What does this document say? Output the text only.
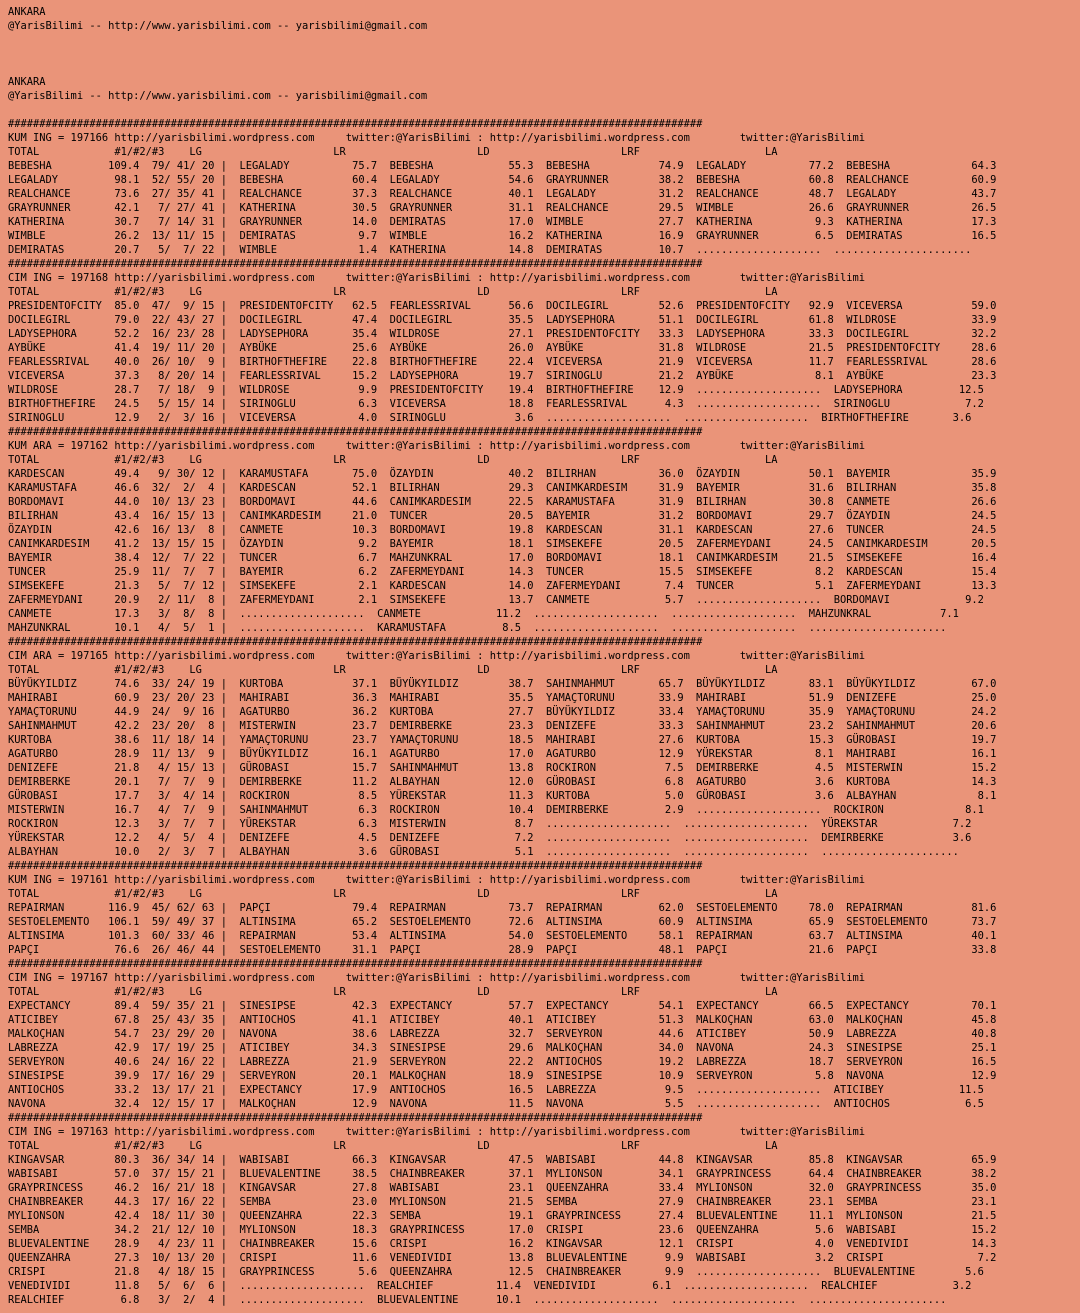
ANKARA
@YarisBilimi -- http://www.yarisbilimi.com -- yarisbilimi@gmail.com
ANKARA
@YarisBilimi -- http://www.yarisbilimi.com -- yarisbilimi@gmail.com
###############################################################################################################
KUM ING = 197166 http://yarisbilimi.wordpress.com     twitter:@YarisBilimi : http://yarisbilimi.wordpress.com        twitter:@YarisBilimi
TOTAL            #1/#2/#3    LG                     LR                     LD                     LRF                    LA
BEBESHA         109.4  79/ 41/ 20 |  LEGALADY          75.7  BEBESHA            55.3  BEBESHA           74.9  LEGALADY          77.2  BEBESHA             64.3
LEGALADY         98.1  52/ 55/ 20 |  BEBESHA           60.4  LEGALADY           54.6  GRAYRUNNER        38.2  BEBESHA           60.8  REALCHANCE          60.9
REALCHANCE       73.6  27/ 35/ 41 |  REALCHANCE        37.3  REALCHANCE         40.1  LEGALADY          31.2  REALCHANCE        48.7  LEGALADY            43.7
GRAYRUNNER       42.1   7/ 27/ 41 |  KATHERINA         30.5  GRAYRUNNER         31.1  REALCHANCE        29.5  WIMBLE            26.6  GRAYRUNNER          26.5
KATHERINA        30.7   7/ 14/ 31 |  GRAYRUNNER        14.0  DEMIRATAS          17.0  WIMBLE            27.7  KATHERINA          9.3  KATHERINA           17.3
WIMBLE           26.2  13/ 11/ 15 |  DEMIRATAS          9.7  WIMBLE             16.2  KATHERINA         16.9  GRAYRUNNER         6.5  DEMIRATAS           16.5
DEMIRATAS        20.7   5/  7/ 22 |  WIMBLE             1.4  KATHERINA          14.8  DEMIRATAS         10.7  ....................  ......................
###############################################################################################################
CIM ING = 197168 http://yarisbilimi.wordpress.com     twitter:@YarisBilimi : http://yarisbilimi.wordpress.com        twitter:@YarisBilimi
TOTAL            #1/#2/#3    LG                     LR                     LD                     LRF                    LA
PRESIDENTOFCITY  85.0  47/  9/ 15 |  PRESIDENTOFCITY   62.5  FEARLESSRIVAL      56.6  DOCILEGIRL        52.6  PRESIDENTOFCITY   92.9  VICEVERSA           59.0
DOCILEGIRL       79.0  22/ 43/ 27 |  DOCILEGIRL        47.4  DOCILEGIRL         35.5  LADYSEPHORA       51.1  DOCILEGIRL        61.8  WILDROSE            33.9
LADYSEPHORA      52.2  16/ 23/ 28 |  LADYSEPHORA       35.4  WILDROSE           27.1  PRESIDENTOFCITY   33.3  LADYSEPHORA       33.3  DOCILEGIRL          32.2
AYBÜKE           41.4  19/ 11/ 20 |  AYBÜKE            25.6  AYBÜKE             26.0  AYBÜKE            31.8  WILDROSE          21.5  PRESIDENTOFCITY     28.6
FEARLESSRIVAL    40.0  26/ 10/  9 |  BIRTHOFTHEFIRE    22.8  BIRTHOFTHEFIRE     22.4  VICEVERSA         21.9  VICEVERSA         11.7  FEARLESSRIVAL       28.6
VICEVERSA        37.3   8/ 20/ 14 |  FEARLESSRIVAL     15.2  LADYSEPHORA        19.7  SIRINOGLU         21.2  AYBÜKE             8.1  AYBÜKE              23.3
WILDROSE         28.7   7/ 18/  9 |  WILDROSE           9.9  PRESIDENTOFCITY    19.4  BIRTHOFTHEFIRE    12.9  ....................  LADYSEPHORA         12.5
BIRTHOFTHEFIRE   24.5   5/ 15/ 14 |  SIRINOGLU          6.3  VICEVERSA          18.8  FEARLESSRIVAL      4.3  ....................  SIRINOGLU            7.2
SIRINOGLU        12.9   2/  3/ 16 |  VICEVERSA          4.0  SIRINOGLU           3.6  ....................  ....................  BIRTHOFTHEFIRE       3.6
###############################################################################################################
KUM ARA = 197162 http://yarisbilimi.wordpress.com     twitter:@YarisBilimi : http://yarisbilimi.wordpress.com        twitter:@YarisBilimi
TOTAL            #1/#2/#3    LG                     LR                     LD                     LRF                    LA
KARDESCAN        49.4   9/ 30/ 12 |  KARAMUSTAFA       75.0  ÖZAYDIN            40.2  BILIRHAN          36.0  ÖZAYDIN           50.1  BAYEMIR             35.9
KARAMUSTAFA      46.6  32/  2/  4 |  KARDESCAN         52.1  BILIRHAN           29.3  CANIMKARDESIM     31.9  BAYEMIR           31.6  BILIRHAN            35.8
BORDOMAVI        44.0  10/ 13/ 23 |  BORDOMAVI         44.6  CANIMKARDESIM      22.5  KARAMUSTAFA       31.9  BILIRHAN          30.8  CANMETE             26.6
BILIRHAN         43.4  16/ 15/ 13 |  CANIMKARDESIM     21.0  TUNCER             20.5  BAYEMIR           31.2  BORDOMAVI         29.7  ÖZAYDIN             24.5
ÖZAYDIN          42.6  16/ 13/  8 |  CANMETE           10.3  BORDOMAVI          19.8  KARDESCAN         31.1  KARDESCAN         27.6  TUNCER              24.5
CANIMKARDESIM    41.2  13/ 15/ 15 |  ÖZAYDIN            9.2  BAYEMIR            18.1  SIMSEKEFE         20.5  ZAFERMEYDANI      24.5  CANIMKARDESIM       20.5
BAYEMIR          38.4  12/  7/ 22 |  TUNCER             6.7  MAHZUNKRAL         17.0  BORDOMAVI         18.1  CANIMKARDESIM     21.5  SIMSEKEFE           16.4
TUNCER           25.9  11/  7/  7 |  BAYEMIR            6.2  ZAFERMEYDANI       14.3  TUNCER            15.5  SIMSEKEFE          8.2  KARDESCAN           15.4
SIMSEKEFE        21.3   5/  7/ 12 |  SIMSEKEFE          2.1  KARDESCAN          14.0  ZAFERMEYDANI       7.4  TUNCER             5.1  ZAFERMEYDANI        13.3
ZAFERMEYDANI     20.9   2/ 11/  8 |  ZAFERMEYDANI       2.1  SIMSEKEFE          13.7  CANMETE            5.7  ....................  BORDOMAVI            9.2
CANMETE          17.3   3/  8/  8 |  ....................  CANMETE            11.2  ....................  ....................  MAHZUNKRAL           7.1
MAHZUNKRAL       10.1   4/  5/  1 |  ....................  KARAMUSTAFA         8.5  ....................  ....................  ......................
###############################################################################################################
CIM ARA = 197165 http://yarisbilimi.wordpress.com     twitter:@YarisBilimi : http://yarisbilimi.wordpress.com        twitter:@YarisBilimi
TOTAL            #1/#2/#3    LG                     LR                     LD                     LRF                    LA
BÜYÜKYILDIZ      74.6  33/ 24/ 19 |  KURTOBA           37.1  BÜYÜKYILDIZ        38.7  SAHINMAHMUT       65.7  BÜYÜKYILDIZ       83.1  BÜYÜKYILDIZ         67.0
MAHIRABI         60.9  23/ 20/ 23 |  MAHIRABI          36.3  MAHIRABI           35.5  YAMAÇTORUNU       33.9  MAHIRABI          51.9  DENIZEFE            25.0
YAMAÇTORUNU      44.9  24/  9/ 16 |  AGATURBO          36.2  KURTOBA            27.7  BÜYÜKYILDIZ       33.4  YAMAÇTORUNU       35.9  YAMAÇTORUNU         24.2
SAHINMAHMUT      42.2  23/ 20/  8 |  MISTERWIN         23.7  DEMIRBERKE         23.3  DENIZEFE          33.3  SAHINMAHMUT       23.2  SAHINMAHMUT         20.6
KURTOBA          38.6  11/ 18/ 14 |  YAMAÇTORUNU       23.7  YAMAÇTORUNU        18.5  MAHIRABI          27.6  KURTOBA           15.3  GÜROBASI            19.7
AGATURBO         28.9  11/ 13/  9 |  BÜYÜKYILDIZ       16.1  AGATURBO           17.0  AGATURBO          12.9  YÜREKSTAR          8.1  MAHIRABI            16.1
DENIZEFE         21.8   4/ 15/ 13 |  GÜROBASI          15.7  SAHINMAHMUT        13.8  ROCKIRON           7.5  DEMIRBERKE         4.5  MISTERWIN           15.2
DEMIRBERKE       20.1   7/  7/  9 |  DEMIRBERKE        11.2  ALBAYHAN           12.0  GÜROBASI           6.8  AGATURBO           3.6  KURTOBA             14.3
GÜROBASI         17.7   3/  4/ 14 |  ROCKIRON           8.5  YÜREKSTAR          11.3  KURTOBA            5.0  GÜROBASI           3.6  ALBAYHAN             8.1
MISTERWIN        16.7   4/  7/  9 |  SAHINMAHMUT        6.3  ROCKIRON           10.4  DEMIRBERKE         2.9  ....................  ROCKIRON             8.1
ROCKIRON         12.3   3/  7/  7 |  YÜREKSTAR          6.3  MISTERWIN           8.7  ....................  ....................  YÜREKSTAR            7.2
YÜREKSTAR        12.2   4/  5/  4 |  DENIZEFE           4.5  DENIZEFE            7.2  ....................  ....................  DEMIRBERKE           3.6
ALBAYHAN         10.0   2/  3/  7 |  ALBAYHAN           3.6  GÜROBASI            5.1  ....................  ....................  ......................
###############################################################################################################
KUM ING = 197161 http://yarisbilimi.wordpress.com     twitter:@YarisBilimi : http://yarisbilimi.wordpress.com        twitter:@YarisBilimi
TOTAL            #1/#2/#3    LG                     LR                     LD                     LRF                    LA
REPAIRMAN       116.9  45/ 62/ 63 |  PAPÇI             79.4  REPAIRMAN          73.7  REPAIRMAN         62.0  SESTOELEMENTO     78.0  REPAIRMAN           81.6
SESTOELEMENTO   106.1  59/ 49/ 37 |  ALTINSIMA         65.2  SESTOELEMENTO      72.6  ALTINSIMA         60.9  ALTINSIMA         65.9  SESTOELEMENTO       73.7
ALTINSIMA       101.3  60/ 33/ 46 |  REPAIRMAN         53.4  ALTINSIMA          54.0  SESTOELEMENTO     58.1  REPAIRMAN         63.7  ALTINSIMA           40.1
PAPÇI            76.6  26/ 46/ 44 |  SESTOELEMENTO     31.1  PAPÇI              28.9  PAPÇI             48.1  PAPÇI             21.6  PAPÇI               33.8
###############################################################################################################
CIM ING = 197167 http://yarisbilimi.wordpress.com     twitter:@YarisBilimi : http://yarisbilimi.wordpress.com        twitter:@YarisBilimi
TOTAL            #1/#2/#3    LG                     LR                     LD                     LRF                    LA
EXPECTANCY       89.4  59/ 35/ 21 |  SINESIPSE         42.3  EXPECTANCY         57.7  EXPECTANCY        54.1  EXPECTANCY        66.5  EXPECTANCY          70.1
ATICIBEY         67.8  25/ 43/ 35 |  ANTIOCHOS         41.1  ATICIBEY           40.1  ATICIBEY          51.3  MALKOÇHAN         63.0  MALKOÇHAN           45.8
MALKOÇHAN        54.7  23/ 29/ 20 |  NAVONA            38.6  LABREZZA           32.7  SERVEYRON         44.6  ATICIBEY          50.9  LABREZZA            40.8
LABREZZA         42.9  17/ 19/ 25 |  ATICIBEY          34.3  SINESIPSE          29.6  MALKOÇHAN         34.0  NAVONA            24.3  SINESIPSE           25.1
SERVEYRON        40.6  24/ 16/ 22 |  LABREZZA          21.9  SERVEYRON          22.2  ANTIOCHOS         19.2  LABREZZA          18.7  SERVEYRON           16.5
SINESIPSE        39.9  17/ 16/ 29 |  SERVEYRON         20.1  MALKOÇHAN          18.9  SINESIPSE         10.9  SERVEYRON          5.8  NAVONA              12.9
ANTIOCHOS        33.2  13/ 17/ 21 |  EXPECTANCY        17.9  ANTIOCHOS          16.5  LABREZZA           9.5  ....................  ATICIBEY            11.5
NAVONA           32.4  12/ 15/ 17 |  MALKOÇHAN         12.9  NAVONA             11.5  NAVONA             5.5  ....................  ANTIOCHOS            6.5
###############################################################################################################
CIM ING = 197163 http://yarisbilimi.wordpress.com     twitter:@YarisBilimi : http://yarisbilimi.wordpress.com        twitter:@YarisBilimi
TOTAL            #1/#2/#3    LG                     LR                     LD                     LRF                    LA
KINGAVSAR        80.3  36/ 34/ 14 |  WABISABI          66.3  KINGAVSAR          47.5  WABISABI          44.8  KINGAVSAR         85.8  KINGAVSAR           65.9
WABISABI         57.0  37/ 15/ 21 |  BLUEVALENTINE     38.5  CHAINBREAKER       37.1  MYLIONSON         34.1  GRAYPRINCESS      64.4  CHAINBREAKER        38.2
GRAYPRINCESS     46.2  16/ 21/ 18 |  KINGAVSAR         27.8  WABISABI           23.1  QUEENZAHRA        33.4  MYLIONSON         32.0  GRAYPRINCESS        35.0
CHAINBREAKER     44.3  17/ 16/ 22 |  SEMBA             23.0  MYLIONSON          21.5  SEMBA             27.9  CHAINBREAKER      23.1  SEMBA               23.1
MYLIONSON        42.4  18/ 11/ 30 |  QUEENZAHRA        22.3  SEMBA              19.1  GRAYPRINCESS      27.4  BLUEVALENTINE     11.1  MYLIONSON           21.5
SEMBA            34.2  21/ 12/ 10 |  MYLIONSON         18.3  GRAYPRINCESS       17.0  CRISPI            23.6  QUEENZAHRA         5.6  WABISABI            15.2
BLUEVALENTINE    28.9   4/ 23/ 11 |  CHAINBREAKER      15.6  CRISPI             16.2  KINGAVSAR         12.1  CRISPI             4.0  VENEDIVIDI          14.3
QUEENZAHRA       27.3  10/ 13/ 20 |  CRISPI            11.6  VENEDIVIDI         13.8  BLUEVALENTINE      9.9  WABISABI           3.2  CRISPI               7.2
CRISPI           21.8   4/ 18/ 15 |  GRAYPRINCESS       5.6  QUEENZAHRA         12.5  CHAINBREAKER       9.9  ....................  BLUEVALENTINE        5.6
VENEDIVIDI       11.8   5/  6/  6 |  ....................  REALCHIEF          11.4  VENEDIVIDI         6.1  ....................  REALCHIEF            3.2
REALCHIEF         6.8   3/  2/  4 |  ....................  BLUEVALENTINE      10.1  ....................  ....................  ......................
